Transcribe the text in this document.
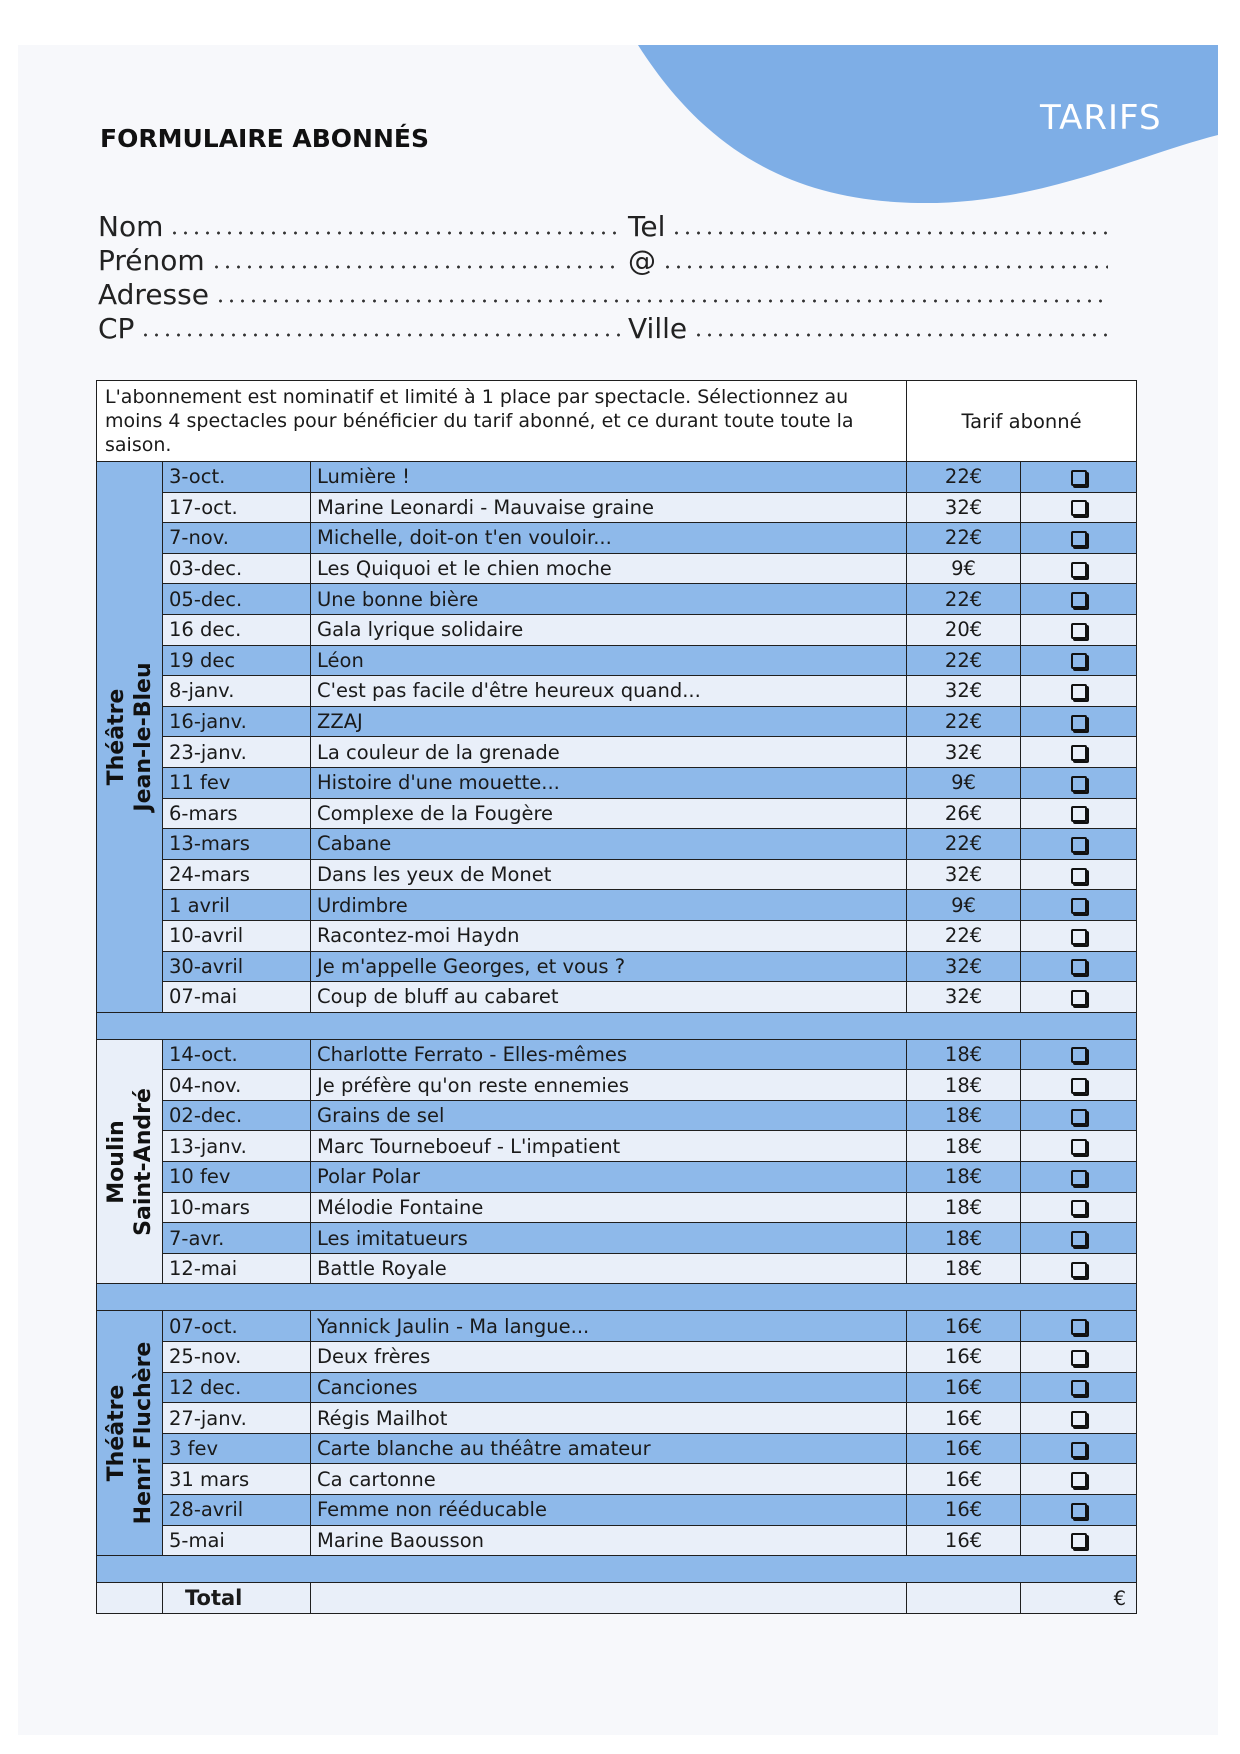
TARIFS
FORMULAIRE ABONNÉS
Nom	Tel
Prénom	@
Adresse
CP	Ville
L'abonnement est nominatif et limité à 1 place par spectacle. Sélectionnez au moins 4 spectacles pour bénéficier du tarif abonné, et ce durant toute toute la saison.			Tarif abonné	

Théâtre Jean-le-Bleu	3-oct.	Lumière !	22€	
	17-oct.	Marine Leonardi - Mauvaise graine	32€	
	7-nov.	Michelle, doit-on t'en vouloir...	22€	
	03-dec.	Les Quiquoi et le chien moche	9€	
	05-dec.	Une bonne bière	22€	
	16 dec.	Gala lyrique solidaire	20€	
	19 dec	Léon	22€	
	8-janv.	C'est pas facile d'être heureux quand...	32€	
	16-janv.	ZZAJ	22€	
	23-janv.	La couleur de la grenade	32€	
	11 fev	Histoire d'une mouette...	9€	
	6-mars	Complexe de la Fougère	26€	
	13-mars	Cabane	22€	
	24-mars	Dans les yeux de Monet	32€	
	1 avril	Urdimbre	9€	
	10-avril	Racontez-moi Haydn	22€	
	30-avril	Je m'appelle Georges, et vous ?	32€	
	07-mai	Coup de bluff au cabaret	32€	

Moulin Saint-André	14-oct.	Charlotte Ferrato - Elles-mêmes	18€	
	04-nov.	Je préfère qu'on reste ennemies	18€	
	02-dec.	Grains de sel	18€	
	13-janv.	Marc Tourneboeuf - L'impatient	18€	
	10 fev	Polar Polar	18€	
	10-mars	Mélodie Fontaine	18€	
	7-avr.	Les imitatueurs	18€	
	12-mai	Battle Royale	18€	

Théâtre Henri Fluchère	07-oct.	Yannick Jaulin - Ma langue...	16€	
	25-nov.	Deux frères	16€	
	12 dec.	Canciones	16€	
	27-janv.	Régis Mailhot	16€	
	3 fev	Carte blanche au théâtre amateur	16€	
	31 mars	Ca cartonne	16€	
	28-avril	Femme non rééducable	16€	
	5-mai	Marine Baousson	16€	

	Total			€
